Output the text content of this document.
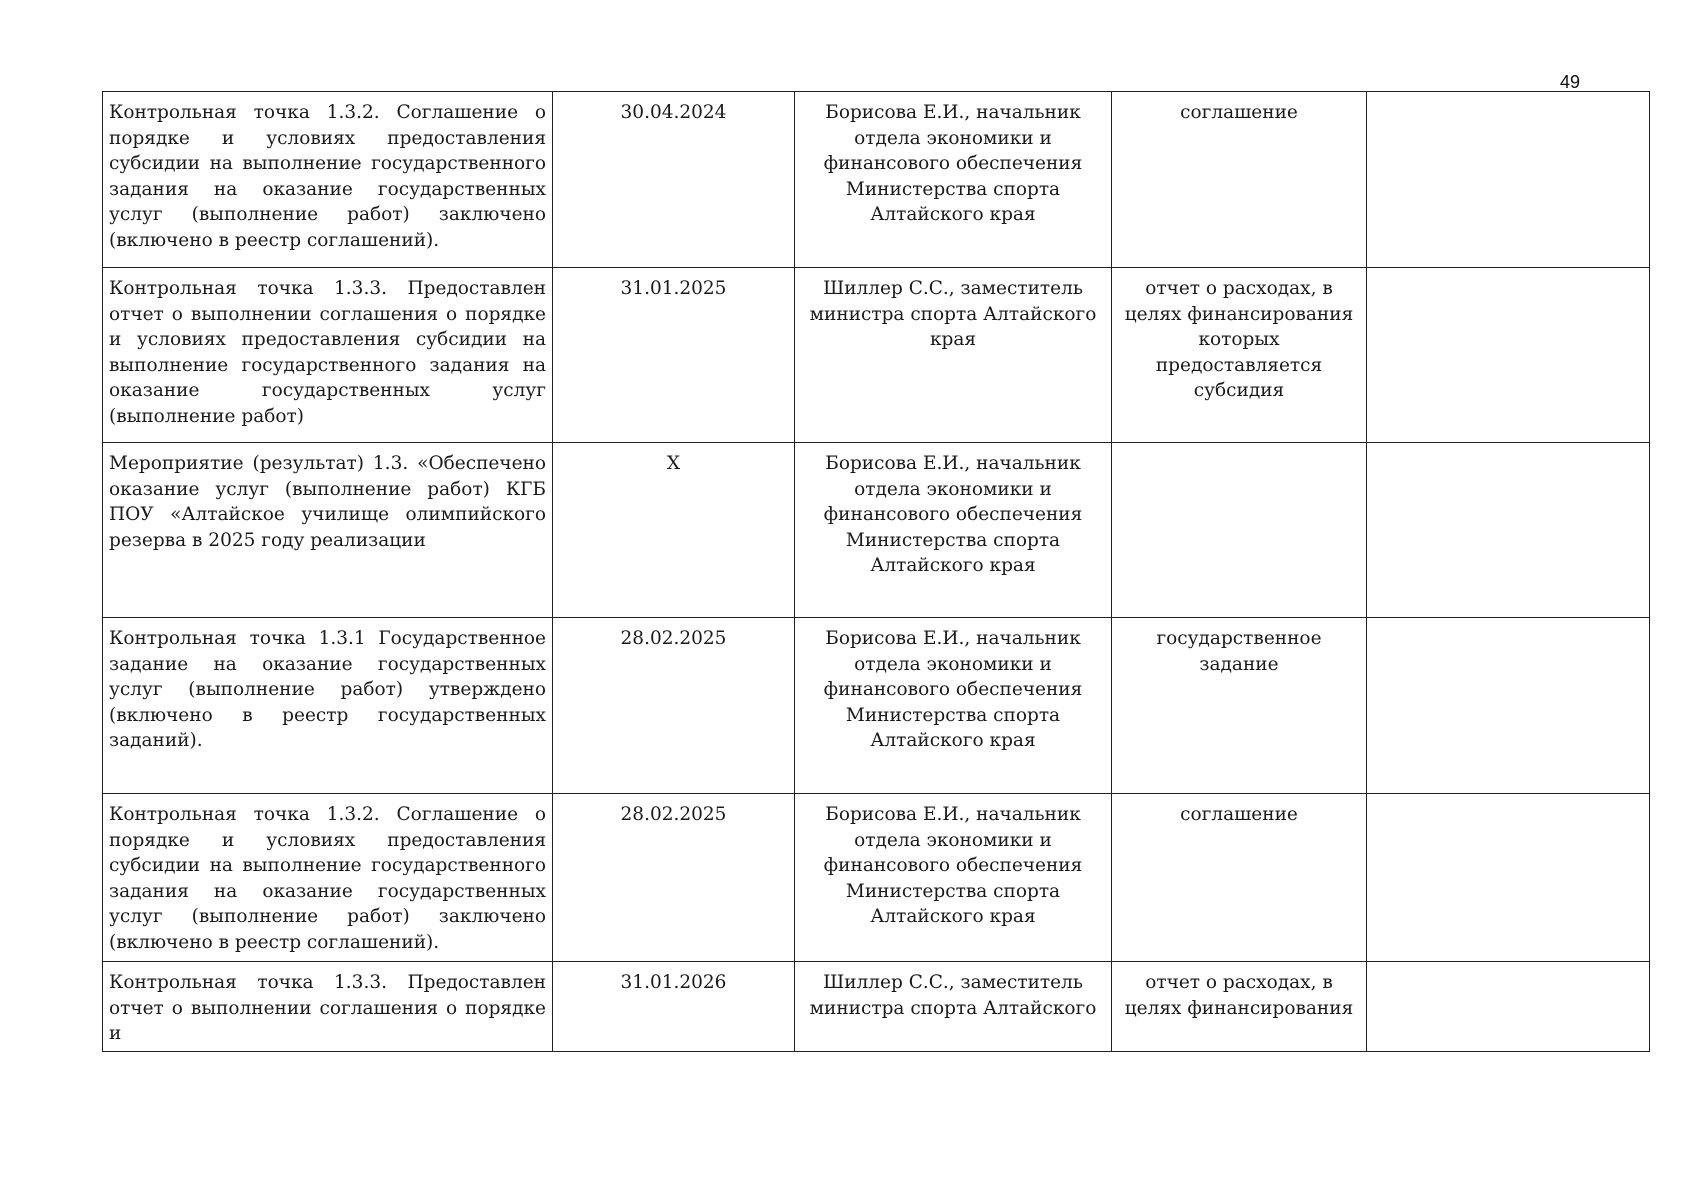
49
Контрольная точка 1.3.2. Соглашение о порядке и условиях предоставления субсидии на выполнение государственного задания на оказание государственных услуг (выполнение работ) заключено (включено в реестр соглашений).	30.04.2024	Борисова Е.И., начальник отдела экономики и финансового обеспечения Министерства спорта Алтайского края	соглашение	
Контрольная точка 1.3.3. Предоставлен отчет о выполнении соглашения о порядке и условиях предоставления субсидии на выполнение государственного задания на оказание государственных услуг (выполнение работ)	31.01.2025	Шиллер С.С., заместитель министра спорта Алтайского края	отчет о расходах, в целях финансирования которых предоставляется субсидия	
Мероприятие (результат) 1.3. «Обеспечено оказание услуг (выполнение работ) КГБ ПОУ «Алтайское училище олимпийского резерва в 2025 году реализации	Х	Борисова Е.И., начальник отдела экономики и финансового обеспечения Министерства спорта Алтайского края		
Контрольная точка 1.3.1 Государственное задание на оказание государственных услуг (выполнение работ) утверждено (включено в реестр государственных заданий).	28.02.2025	Борисова Е.И., начальник отдела экономики и финансового обеспечения Министерства спорта Алтайского края	государственное задание	
Контрольная точка 1.3.2. Соглашение о порядке и условиях предоставления субсидии на выполнение государственного задания на оказание государственных услуг (выполнение работ) заключено (включено в реестр соглашений).	28.02.2025	Борисова Е.И., начальник отдела экономики и финансового обеспечения Министерства спорта Алтайского края	соглашение	
Контрольная точка 1.3.3. Предоставлен отчет о выполнении соглашения о порядке и	31.01.2026	Шиллер С.С., заместитель министра спорта Алтайского	отчет о расходах, в целях финансирования	
